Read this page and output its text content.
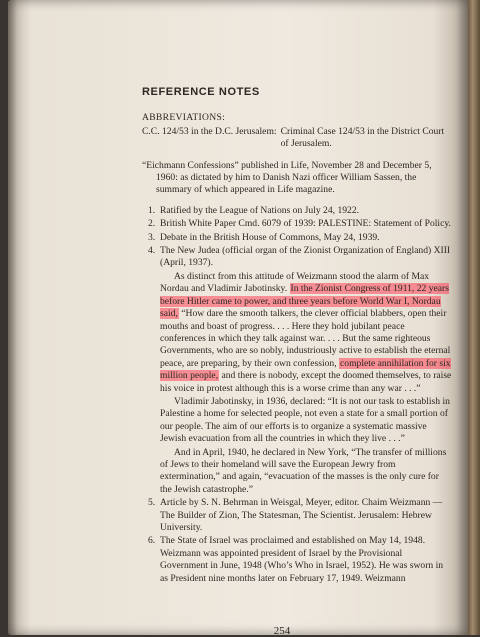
REFERENCE NOTES
ABBREVIATIONS:
C.C. 124/53 in the D.C. Jerusalem: Criminal Case 124/53 in the District Court of Jerusalem.
“Eichmann Confessions” published in Life, November 28 and December 5, 1960: as dictated by him to Danish Nazi officer William Sassen, the summary of which appeared in Life magazine.
1. Ratified by the League of Nations on July 24, 1922.
2. British White Paper Cmd. 6079 of 1939: PALESTINE: Statement of Policy.
3. Debate in the British House of Commons, May 24, 1939.
4. The New Judea (official organ of the Zionist Organization of England) XIII (April, 1937).
As distinct from this attitude of Weizmann stood the alarm of Max Nordau and Vladimir Jabotinsky. In the Zionist Congress of 1911, 22 years before Hitler came to power, and three years before World War I, Nordau said, “How dare the smooth talkers, the clever official blabbers, open their mouths and boast of progress. . . . Here they hold jubilant peace conferences in which they talk against war. . . . But the same righteous Governments, who are so nobly, industriously active to establish the eternal peace, are preparing, by their own confession, complete annihilation for six million people, and there is nobody, except the doomed themselves, to raise his voice in protest although this is a worse crime than any war . . .”
Vladimir Jabotinsky, in 1936, declared: “It is not our task to establish in Palestine a home for selected people, not even a state for a small portion of our people. The aim of our efforts is to organize a systematic massive Jewish evacuation from all the countries in which they live . . .”
And in April, 1940, he declared in New York, “The transfer of millions of Jews to their homeland will save the European Jewry from extermination,” and again, “evacuation of the masses is the only cure for the Jewish catastrophe.”
5. Article by S. N. Behrman in Weisgal, Meyer, editor. Chaim Weizmann —The Builder of Zion, The Statesman, The Scientist. Jerusalem: Hebrew University.
6. The State of Israel was proclaimed and established on May 14, 1948. Weizmann was appointed president of Israel by the Provisional Government in June, 1948 (Who’s Who in Israel, 1952). He was sworn in as President nine months later on February 17, 1949. Weizmann
254
